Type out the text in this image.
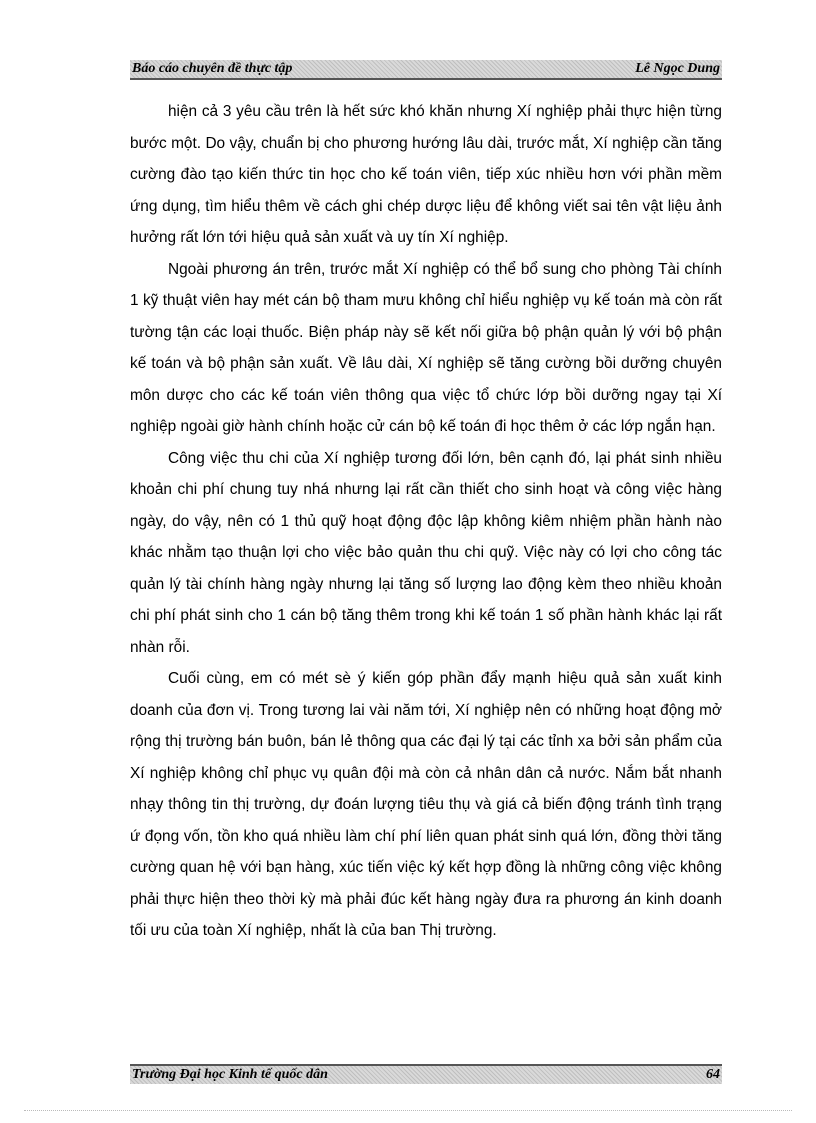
Báo cáo chuyên đề thực tập	Lê Ngọc Dung

hiện cả 3 yêu cầu trên là hết sức khó khăn nhưng Xí nghiệp phải thực hiện từng bước một. Do vậy, chuẩn bị cho phương hướng lâu dài, trước mắt, Xí nghiệp cần tăng cường đào tạo kiến thức tin học cho kế toán viên, tiếp xúc nhiều hơn với phần mềm ứng dụng, tìm hiểu thêm về cách ghi chép dược liệu để không viết sai tên vật liệu ảnh hưởng rất lớn tới hiệu quả sản xuất và uy tín Xí nghiệp.

Ngoài phương án trên, trước mắt Xí nghiệp có thể bổ sung cho phòng Tài chính 1 kỹ thuật viên hay mét cán bộ tham mưu không chỉ hiểu nghiệp vụ kế toán mà còn rất tường tận các loại thuốc. Biện pháp này sẽ kết nối giữa bộ phận quản lý với bộ phận kế toán và bộ phận sản xuất. Về lâu dài, Xí nghiệp sẽ tăng cường bồi dưỡng chuyên môn dược cho các kế toán viên thông qua việc tổ chức lớp bồi dưỡng ngay tại Xí nghiệp ngoài giờ hành chính hoặc cử cán bộ kế toán đi học thêm ở các lớp ngắn hạn.

Công việc thu chi của Xí nghiệp tương đối lớn, bên cạnh đó, lại phát sinh nhiều khoản chi phí chung tuy nhá nhưng lại rất cần thiết cho sinh hoạt và công việc hàng ngày, do vậy, nên có 1 thủ quỹ hoạt động độc lập không kiêm nhiệm phần hành nào khác nhằm tạo thuận lợi cho việc bảo quản thu chi quỹ. Việc này có lợi cho công tác quản lý tài chính hàng ngày nhưng lại tăng số lượng lao động kèm theo nhiều khoản chi phí phát sinh cho 1 cán bộ tăng thêm trong khi kế toán 1 số phần hành khác lại rất nhàn rỗi.

Cuối cùng, em có mét sè ý kiến góp phần đẩy mạnh hiệu quả sản xuất kinh doanh của đơn vị. Trong tương lai vài năm tới, Xí nghiệp nên có những hoạt động mở rộng thị trường bán buôn, bán lẻ thông qua các đại lý tại các tỉnh xa bởi sản phẩm của Xí nghiệp không chỉ phục vụ quân đội mà còn cả nhân dân cả nước. Nắm bắt nhanh nhạy thông tin thị trường, dự đoán lượng tiêu thụ và giá cả biến động tránh tình trạng ứ đọng vốn, tồn kho quá nhiều làm chí phí liên quan phát sinh quá lớn, đồng thời tăng cường quan hệ với bạn hàng, xúc tiến việc ký kết hợp đồng là những công việc không phải thực hiện theo thời kỳ mà phải đúc kết hàng ngày đưa ra phương án kinh doanh tối ưu của toàn Xí nghiệp, nhất là của ban Thị trường.

Trường Đại học Kinh tế quốc dân	64
